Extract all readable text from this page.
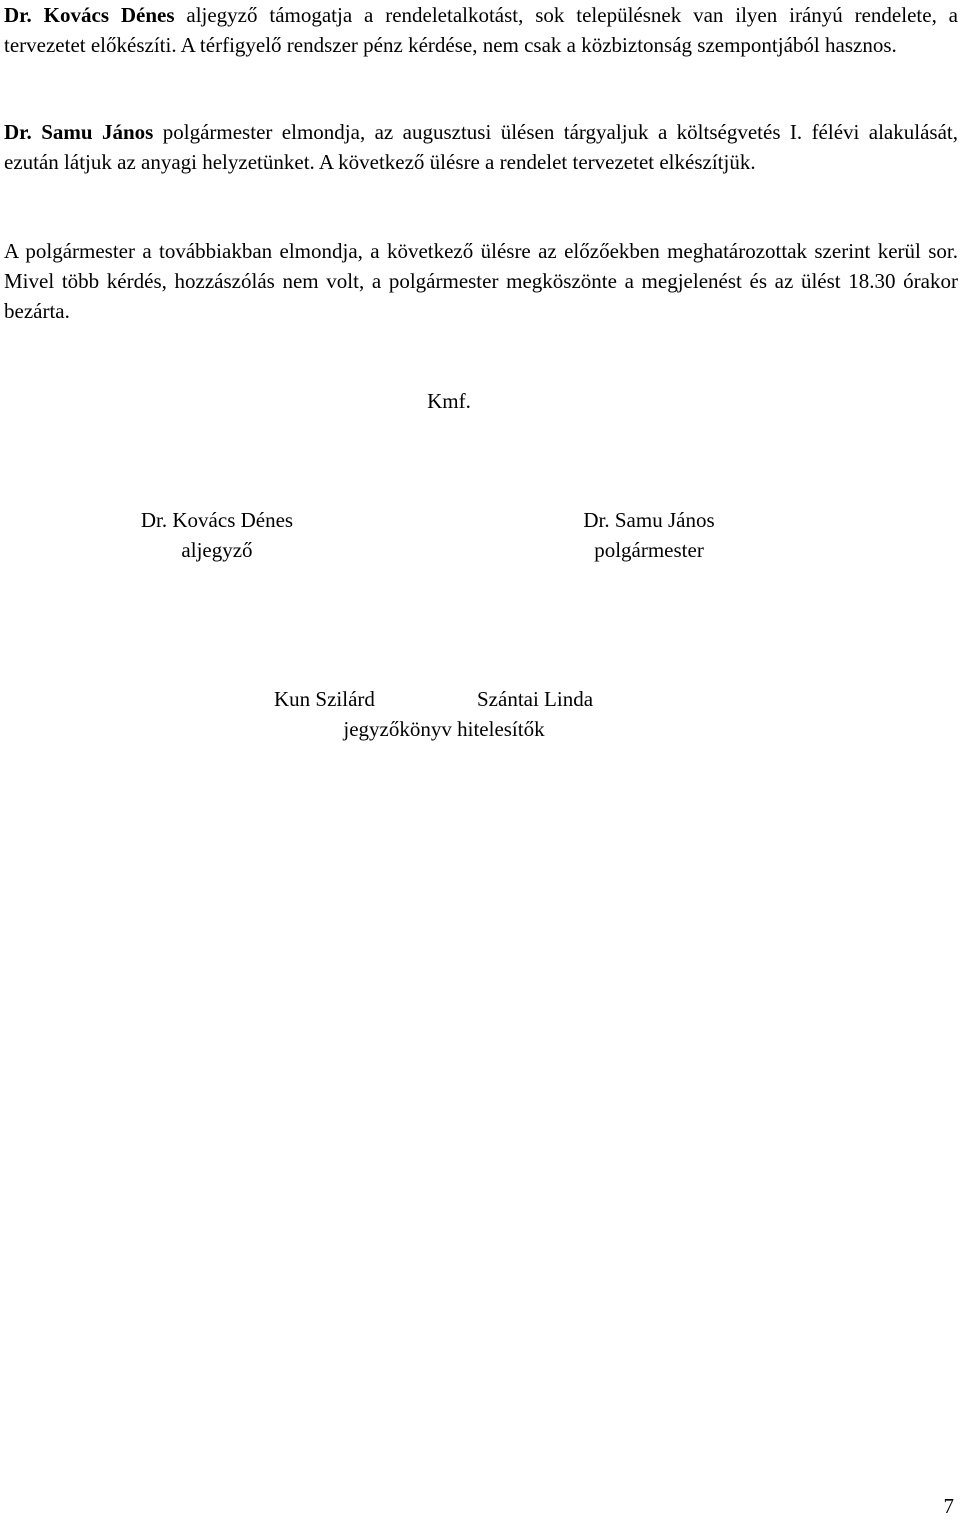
Dr. Kovács Dénes aljegyző támogatja a rendeletalkotást, sok településnek van ilyen irányú rendelete, a tervezetet előkészíti. A térfigyelő rendszer pénz kérdése, nem csak a közbiztonság szempontjából hasznos.

Dr. Samu János polgármester elmondja, az augusztusi ülésen tárgyaljuk a költségvetés I. félévi alakulását, ezután látjuk az anyagi helyzetünket. A következő ülésre a rendelet tervezetet elkészítjük.

A polgármester a továbbiakban elmondja, a következő ülésre az előzőekben meghatározottak szerint kerül sor. Mivel több kérdés, hozzászólás nem volt, a polgármester megköszönte a megjelenést és az ülést 18.30 órakor bezárta.

Kmf.
Dr. Kovács Dénes
aljegyző
Dr. Samu János
polgármester
Kun Szilárd	Szántai Linda
jegyzőkönyv hitelesítők
7
